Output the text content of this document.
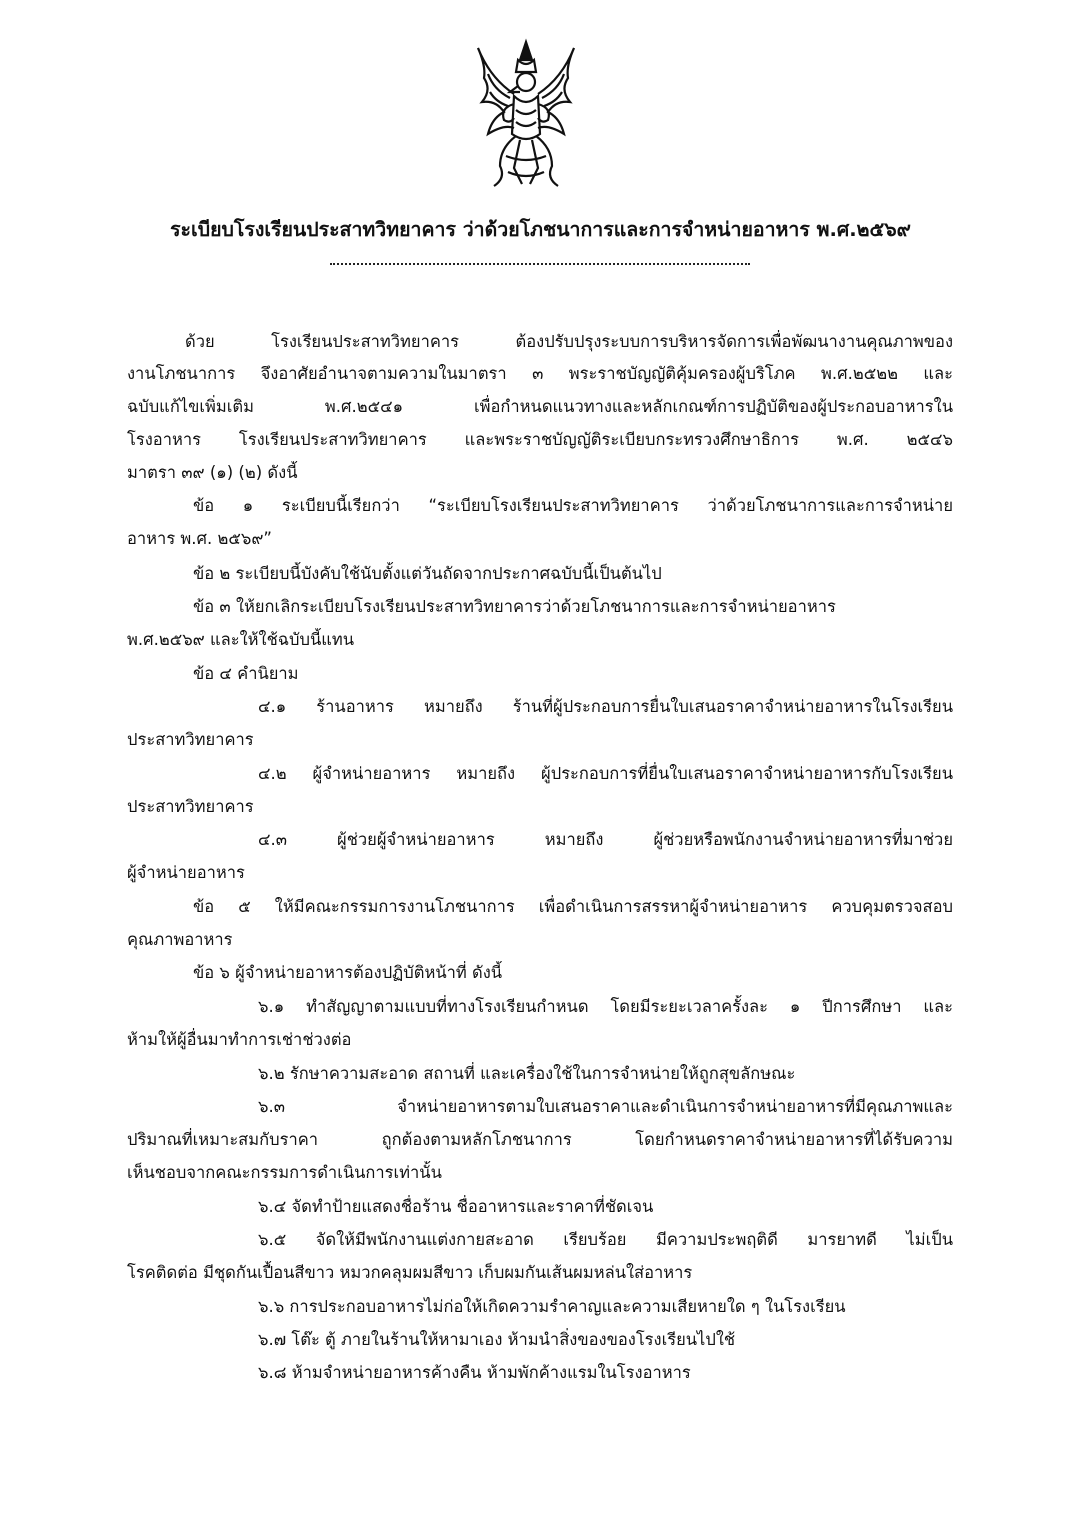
ระเบียบโรงเรียนประสาทวิทยาคาร ว่าด้วยโภชนาการและการจำหน่ายอาหาร พ.ศ.๒๕๖๙
ด้วย โรงเรียนประสาทวิทยาคาร ต้องปรับปรุงระบบการบริหารจัดการเพื่อพัฒนางานคุณภาพของ
งานโภชนาการ จึงอาศัยอำนาจตามความในมาตรา ๓ พระราชบัญญัติคุ้มครองผู้บริโภค พ.ศ.๒๕๒๒ และ
ฉบับแก้ไขเพิ่มเติม พ.ศ.๒๕๔๑ เพื่อกำหนดแนวทางและหลักเกณฑ์การปฏิบัติของผู้ประกอบอาหารใน
โรงอาหาร โรงเรียนประสาทวิทยาคาร และพระราชบัญญัติระเบียบกระทรวงศึกษาธิการ พ.ศ. ๒๕๔๖
มาตรา ๓๙ (๑) (๒) ดังนี้
ข้อ ๑ ระเบียบนี้เรียกว่า “ระเบียบโรงเรียนประสาทวิทยาคาร ว่าด้วยโภชนาการและการจำหน่าย
อาหาร พ.ศ. ๒๕๖๙”
ข้อ ๒ ระเบียบนี้บังคับใช้นับตั้งแต่วันถัดจากประกาศฉบับนี้เป็นต้นไป
ข้อ ๓ ให้ยกเลิกระเบียบโรงเรียนประสาทวิทยาคารว่าด้วยโภชนาการและการจำหน่ายอาหาร
พ.ศ.๒๕๖๙ และให้ใช้ฉบับนี้แทน
ข้อ ๔ คำนิยาม
๔.๑ ร้านอาหาร หมายถึง ร้านที่ผู้ประกอบการยื่นใบเสนอราคาจำหน่ายอาหารในโรงเรียน
ประสาทวิทยาคาร
๔.๒ ผู้จำหน่ายอาหาร หมายถึง ผู้ประกอบการที่ยื่นใบเสนอราคาจำหน่ายอาหารกับโรงเรียน
ประสาทวิทยาคาร
๔.๓ ผู้ช่วยผู้จำหน่ายอาหาร หมายถึง ผู้ช่วยหรือพนักงานจำหน่ายอาหารที่มาช่วย
ผู้จำหน่ายอาหาร
ข้อ ๕ ให้มีคณะกรรมการงานโภชนาการ เพื่อดำเนินการสรรหาผู้จำหน่ายอาหาร ควบคุมตรวจสอบ
คุณภาพอาหาร
ข้อ ๖ ผู้จำหน่ายอาหารต้องปฏิบัติหน้าที่ ดังนี้
๖.๑ ทำสัญญาตามแบบที่ทางโรงเรียนกำหนด โดยมีระยะเวลาครั้งละ ๑ ปีการศึกษา และ
ห้ามให้ผู้อื่นมาทำการเช่าช่วงต่อ
๖.๒ รักษาความสะอาด สถานที่ และเครื่องใช้ในการจำหน่ายให้ถูกสุขลักษณะ
๖.๓ จำหน่ายอาหารตามใบเสนอราคาและดำเนินการจำหน่ายอาหารที่มีคุณภาพและ
ปริมาณที่เหมาะสมกับราคา ถูกต้องตามหลักโภชนาการ โดยกำหนดราคาจำหน่ายอาหารที่ได้รับความ
เห็นชอบจากคณะกรรมการดำเนินการเท่านั้น
๖.๔ จัดทำป้ายแสดงชื่อร้าน ชื่ออาหารและราคาที่ชัดเจน
๖.๕ จัดให้มีพนักงานแต่งกายสะอาด เรียบร้อย มีความประพฤติดี มารยาทดี ไม่เป็น
โรคติดต่อ มีชุดกันเปื้อนสีขาว หมวกคลุมผมสีขาว เก็บผมกันเส้นผมหล่นใส่อาหาร
๖.๖ การประกอบอาหารไม่ก่อให้เกิดความรำคาญและความเสียหายใด ๆ ในโรงเรียน
๖.๗ โต๊ะ ตู้ ภายในร้านให้หามาเอง ห้ามนำสิ่งของของโรงเรียนไปใช้
๖.๘ ห้ามจำหน่ายอาหารค้างคืน ห้ามพักค้างแรมในโรงอาหาร
